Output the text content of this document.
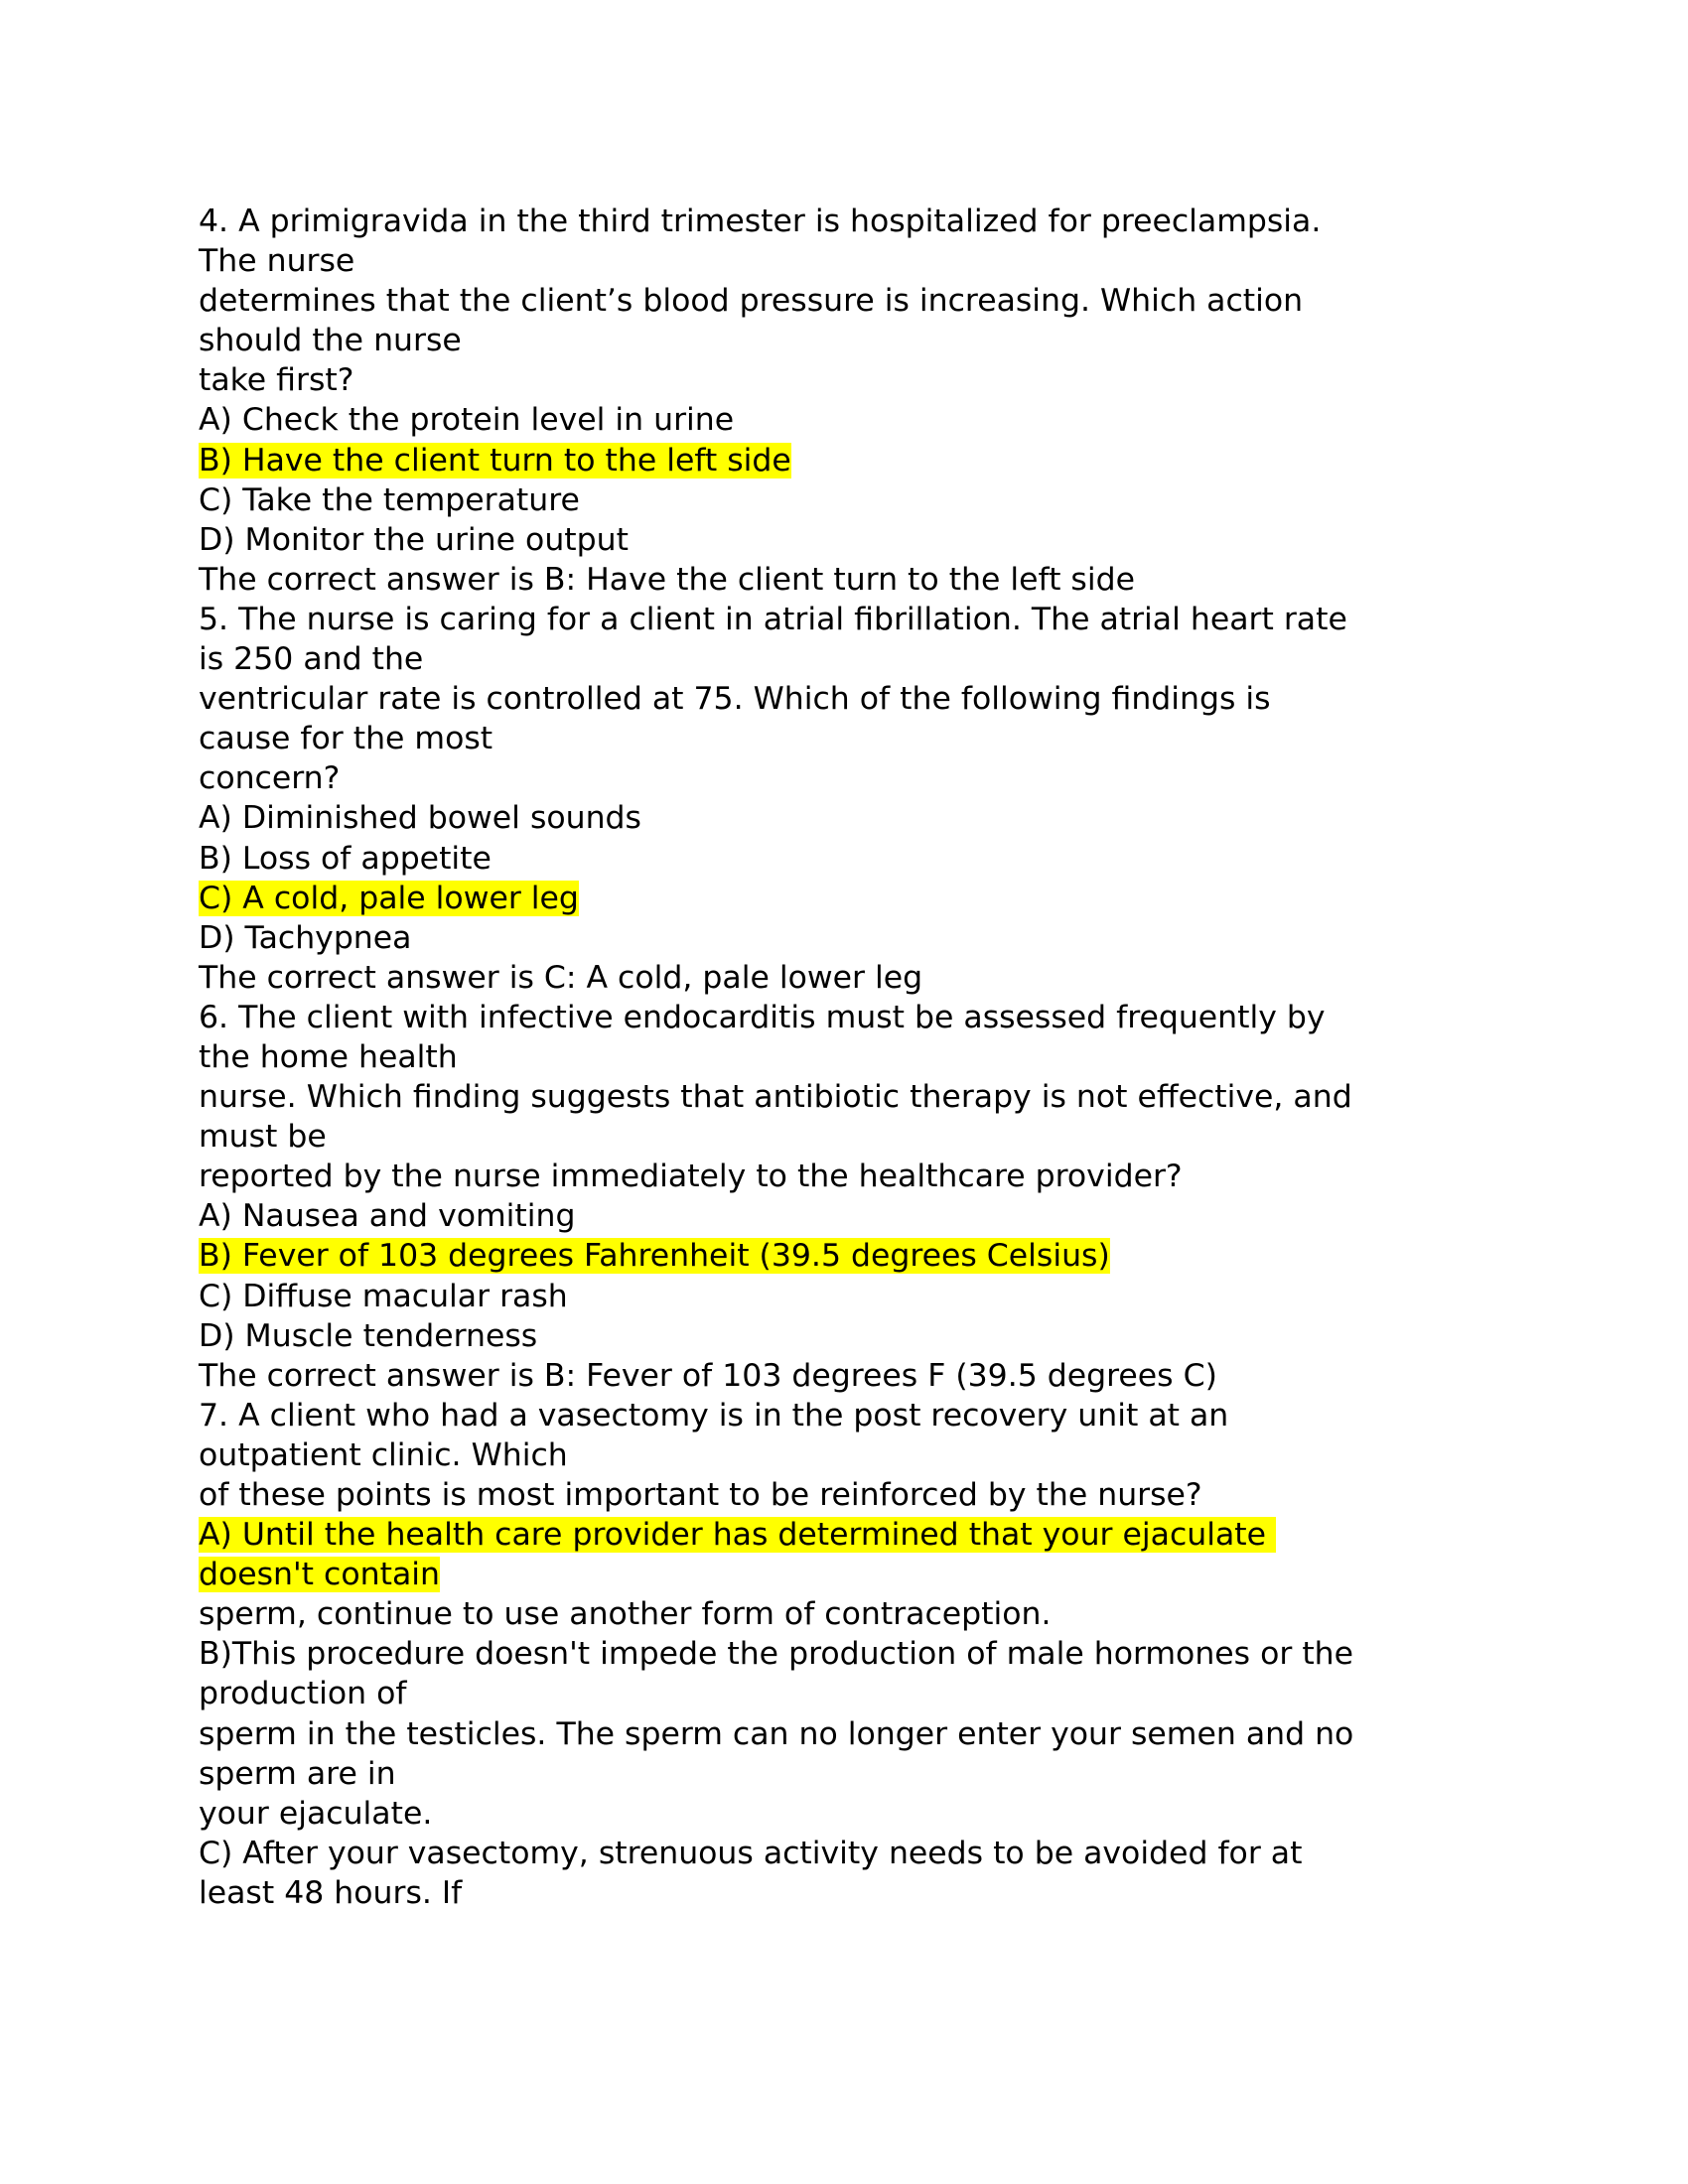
4. A primigravida in the third trimester is hospitalized for preeclampsia.
The nurse
determines that the client’s blood pressure is increasing. Which action
should the nurse
take first?
A) Check the protein level in urine
B) Have the client turn to the left side
C) Take the temperature
D) Monitor the urine output
The correct answer is B: Have the client turn to the left side
5. The nurse is caring for a client in atrial fibrillation. The atrial heart rate
is 250 and the
ventricular rate is controlled at 75. Which of the following findings is
cause for the most
concern?
A) Diminished bowel sounds
B) Loss of appetite
C) A cold, pale lower leg
D) Tachypnea
The correct answer is C: A cold, pale lower leg
6. The client with infective endocarditis must be assessed frequently by
the home health
nurse. Which finding suggests that antibiotic therapy is not effective, and
must be
reported by the nurse immediately to the healthcare provider?
A) Nausea and vomiting
B) Fever of 103 degrees Fahrenheit (39.5 degrees Celsius)
C) Diffuse macular rash
D) Muscle tenderness
The correct answer is B: Fever of 103 degrees F (39.5 degrees C)
7. A client who had a vasectomy is in the post recovery unit at an
outpatient clinic. Which
of these points is most important to be reinforced by the nurse?
A) Until the health care provider has determined that your ejaculate
doesn't contain
sperm, continue to use another form of contraception.
B)This procedure doesn't impede the production of male hormones or the
production of
sperm in the testicles. The sperm can no longer enter your semen and no
sperm are in
your ejaculate.
C) After your vasectomy, strenuous activity needs to be avoided for at
least 48 hours. If
